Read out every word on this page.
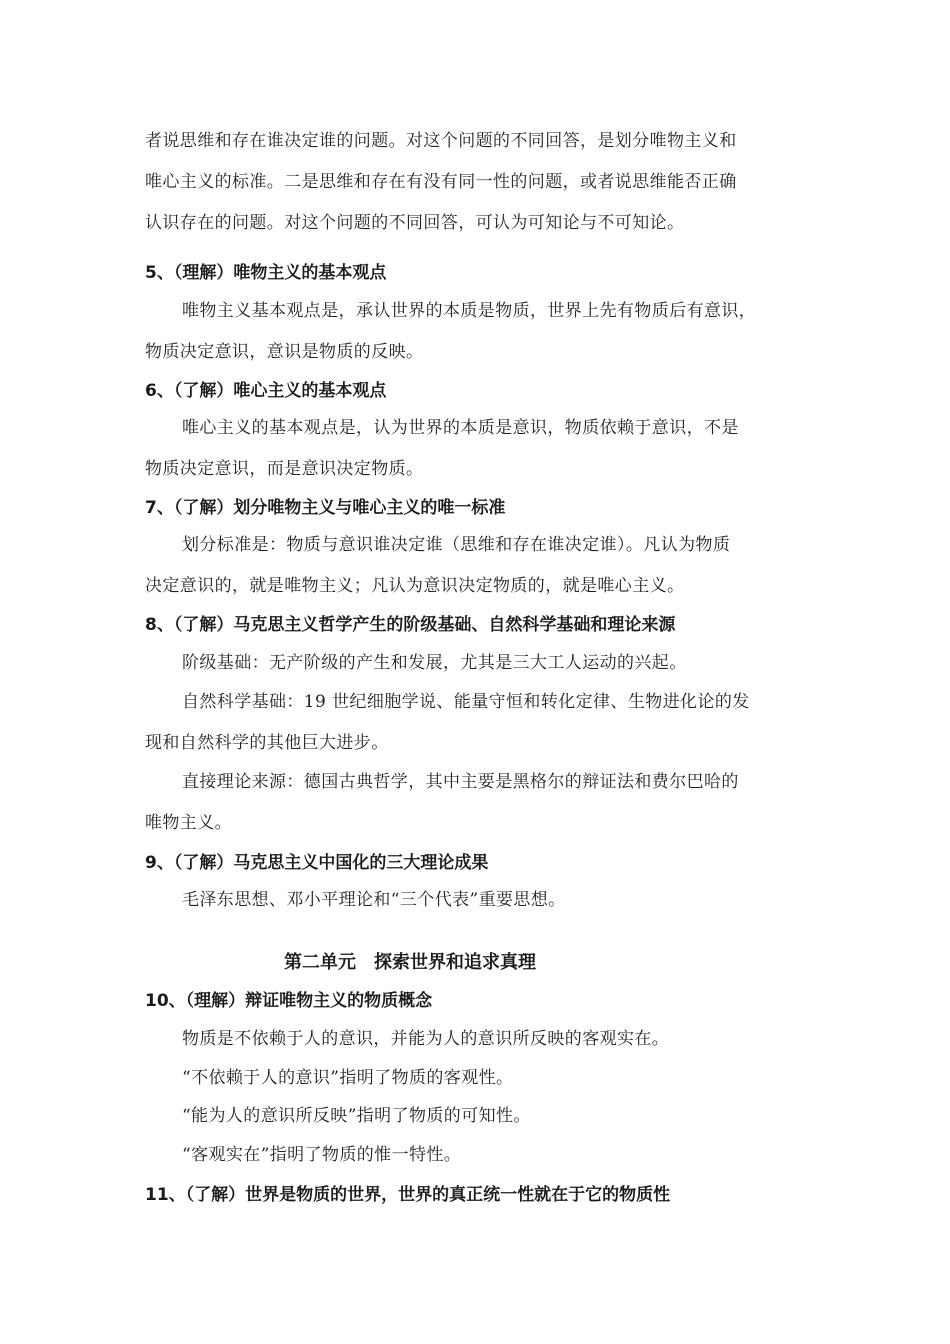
者说思维和存在谁决定谁的问题。对这个问题的不同回答，是划分唯物主义和
唯心主义的标准。二是思维和存在有没有同一性的问题，或者说思维能否正确
认识存在的问题。对这个问题的不同回答，可认为可知论与不可知论。
5、（理解）唯物主义的基本观点
唯物主义基本观点是，承认世界的本质是物质，世界上先有物质后有意识，
物质决定意识，意识是物质的反映。
6、（了解）唯心主义的基本观点
唯心主义的基本观点是，认为世界的本质是意识，物质依赖于意识，不是
物质决定意识，而是意识决定物质。
7、（了解）划分唯物主义与唯心主义的唯一标准
划分标准是：物质与意识谁决定谁（思维和存在谁决定谁）。凡认为物质
决定意识的，就是唯物主义；凡认为意识决定物质的，就是唯心主义。
8、（了解）马克思主义哲学产生的阶级基础、自然科学基础和理论来源
阶级基础：无产阶级的产生和发展，尤其是三大工人运动的兴起。
自然科学基础：19 世纪细胞学说、能量守恒和转化定律、生物进化论的发
现和自然科学的其他巨大进步。
直接理论来源：德国古典哲学，其中主要是黑格尔的辩证法和费尔巴哈的
唯物主义。
9、（了解）马克思主义中国化的三大理论成果
毛泽东思想、邓小平理论和“三个代表”重要思想。
第二单元　探索世界和追求真理
10、（理解）辩证唯物主义的物质概念
物质是不依赖于人的意识，并能为人的意识所反映的客观实在。
“不依赖于人的意识”指明了物质的客观性。
“能为人的意识所反映”指明了物质的可知性。
“客观实在”指明了物质的惟一特性。
11、（了解）世界是物质的世界，世界的真正统一性就在于它的物质性
